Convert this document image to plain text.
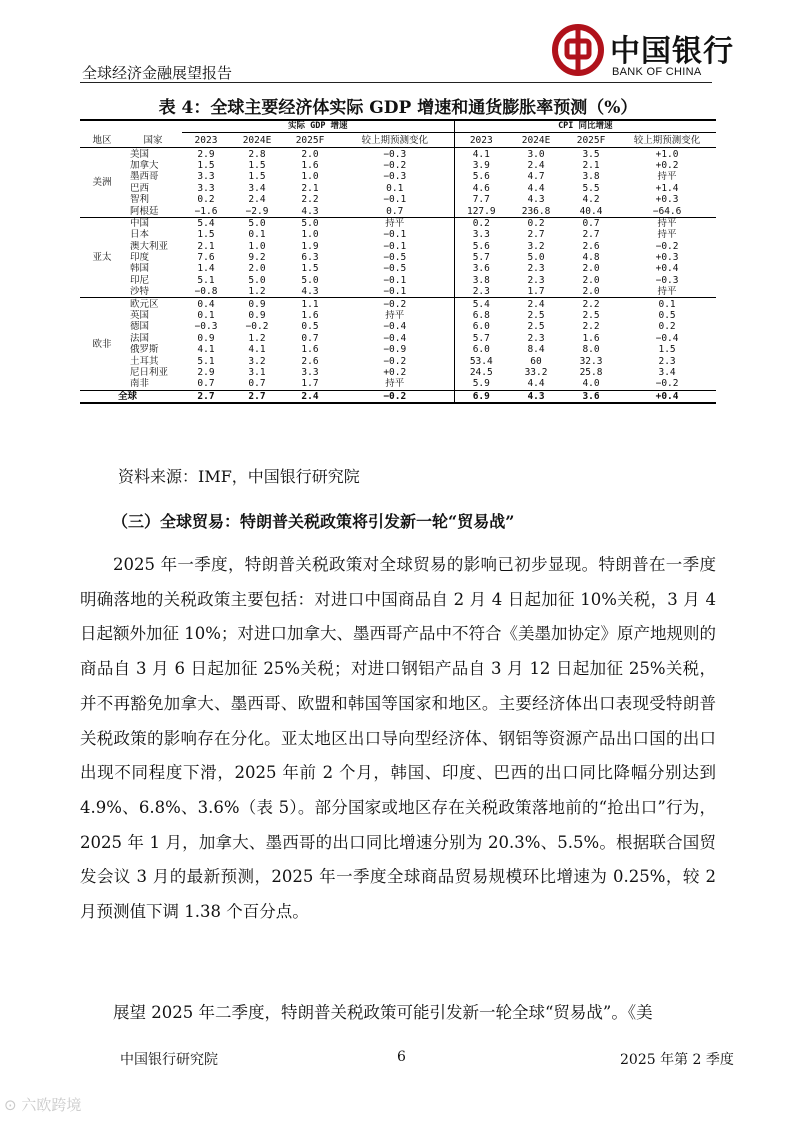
全球经济金融展望报告
中国银行
BANK OF CHINA
表 4：全球主要经济体实际 GDP 增速和通货膨胀率预测（%）
		实际 GDP 增速				CPI 同比增速			
地区	国家	2023	2024E	2025F	较上期预测变化	2023	2024E	2025F	较上期预测变化
美洲	美国	2.9	2.8	2.0	−0.3	4.1	3.0	3.5	+1.0
	加拿大	1.5	1.5	1.6	−0.2	3.9	2.4	2.1	+0.2
	墨西哥	3.3	1.5	1.0	−0.3	5.6	4.7	3.8	持平
	巴西	3.3	3.4	2.1	0.1	4.6	4.4	5.5	+1.4
	智利	0.2	2.4	2.2	−0.1	7.7	4.3	4.2	+0.3
	阿根廷	−1.6	−2.9	4.3	0.7	127.9	236.8	40.4	−64.6
亚太	中国	5.4	5.0	5.0	持平	0.2	0.2	0.7	持平
	日本	1.5	0.1	1.0	−0.1	3.3	2.7	2.7	持平
	澳大利亚	2.1	1.0	1.9	−0.1	5.6	3.2	2.6	−0.2
	印度	7.6	9.2	6.3	−0.5	5.7	5.0	4.8	+0.3
	韩国	1.4	2.0	1.5	−0.5	3.6	2.3	2.0	+0.4
	印尼	5.1	5.0	5.0	−0.1	3.8	2.3	2.0	−0.3
	沙特	−0.8	1.2	4.3	−0.1	2.3	1.7	2.0	持平
欧非	欧元区	0.4	0.9	1.1	−0.2	5.4	2.4	2.2	0.1
	英国	0.1	0.9	1.6	持平	6.8	2.5	2.5	0.5
	德国	−0.3	−0.2	0.5	−0.4	6.0	2.5	2.2	0.2
	法国	0.9	1.2	0.7	−0.4	5.7	2.3	1.6	−0.4
	俄罗斯	4.1	4.1	1.6	−0.9	6.0	8.4	8.0	1.5
	土耳其	5.1	3.2	2.6	−0.2	53.4	60	32.3	2.3
	尼日利亚	2.9	3.1	3.3	+0.2	24.5	33.2	25.8	3.4
	南非	0.7	0.7	1.7	持平	5.9	4.4	4.0	−0.2
全球		2.7	2.7	2.4	−0.2	6.9	4.3	3.6	+0.4
资料来源：IMF，中国银行研究院
（三）全球贸易：特朗普关税政策将引发新一轮“贸易战”
2025 年一季度，特朗普关税政策对全球贸易的影响已初步显现。特朗普在一季度明确落地的关税政策主要包括：对进口中国商品自 2 月 4 日起加征 10%关税，3 月 4 日起额外加征 10%；对进口加拿大、墨西哥产品中不符合《美墨加协定》原产地规则的商品自 3 月 6 日起加征 25%关税；对进口钢铝产品自 3 月 12 日起加征 25%关税，并不再豁免加拿大、墨西哥、欧盟和韩国等国家和地区。主要经济体出口表现受特朗普关税政策的影响存在分化。亚太地区出口导向型经济体、钢铝等资源产品出口国的出口出现不同程度下滑，2025 年前 2 个月，韩国、印度、巴西的出口同比降幅分别达到 4.9%、6.8%、3.6%（表 5）。部分国家或地区存在关税政策落地前的“抢出口”行为，2025 年 1 月，加拿大、墨西哥的出口同比增速分别为 20.3%、5.5%。根据联合国贸发会议 3 月的最新预测，2025 年一季度全球商品贸易规模环比增速为 0.25%，较 2 月预测值下调 1.38 个百分点。
展望 2025 年二季度，特朗普关税政策可能引发新一轮全球“贸易战”。《美
中国银行研究院	6	2025 年第 2 季度
⊙ 六欧跨境
